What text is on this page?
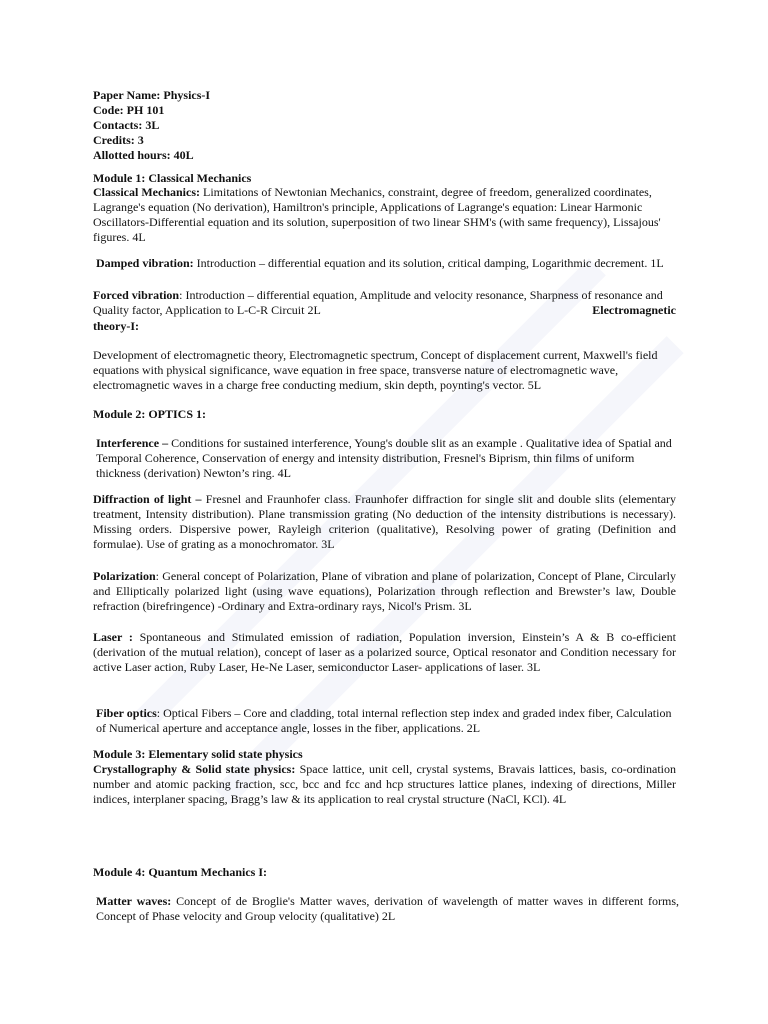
Paper Name: Physics-I
Code: PH 101
Contacts: 3L
Credits: 3
Allotted hours: 40L
Module 1: Classical Mechanics

Classical Mechanics: Limitations of Newtonian Mechanics, constraint, degree of freedom, generalized coordinates, Lagrange's equation (No derivation), Hamiltron's principle, Applications of Lagrange's equation: Linear Harmonic Oscillators-Differential equation and its solution, superposition of two linear SHM's (with same frequency), Lissajous' figures. 4L

Damped vibration: Introduction – differential equation and its solution, critical damping, Logarithmic decrement. 1L

Forced vibration: Introduction – differential equation, Amplitude and velocity resonance, Sharpness of resonance and Quality factor, Application to L-C-R Circuit 2L	Electromagnetic

theory-I:

Development of electromagnetic theory, Electromagnetic spectrum, Concept of displacement current, Maxwell's field equations with physical significance, wave equation in free space, transverse nature of electromagnetic wave, electromagnetic waves in a charge free conducting medium, skin depth, poynting's vector. 5L

Module 2: OPTICS 1:

Interference – Conditions for sustained interference, Young's double slit as an example . Qualitative idea of Spatial and Temporal Coherence, Conservation of energy and intensity distribution, Fresnel's Biprism, thin films of uniform thickness (derivation) Newton’s ring. 4L

Diffraction of light – Fresnel and Fraunhofer class. Fraunhofer diffraction for single slit and double slits (elementary treatment, Intensity distribution). Plane transmission grating (No deduction of the intensity distributions is necessary). Missing orders. Dispersive power, Rayleigh criterion (qualitative), Resolving power of grating (Definition and formulae). Use of grating as a monochromator. 3L

Polarization: General concept of Polarization, Plane of vibration and plane of polarization, Concept of Plane, Circularly and Elliptically polarized light (using wave equations), Polarization through reflection and Brewster’s law, Double refraction (birefringence) -Ordinary and Extra-ordinary rays, Nicol's Prism. 3L

Laser : Spontaneous and Stimulated emission of radiation, Population inversion, Einstein’s A & B co-efficient (derivation of the mutual relation), concept of laser as a polarized source, Optical resonator and Condition necessary for active Laser action, Ruby Laser, He-Ne Laser, semiconductor Laser- applications of laser. 3L

Fiber optics: Optical Fibers – Core and cladding, total internal reflection step index and graded index fiber, Calculation of Numerical aperture and acceptance angle, losses in the fiber, applications. 2L

Module 3: Elementary solid state physics

Crystallography & Solid state physics: Space lattice, unit cell, crystal systems, Bravais lattices, basis, co-ordination number and atomic packing fraction, scc, bcc and fcc and hcp structures lattice planes, indexing of directions, Miller indices, interplaner spacing, Bragg’s law & its application to real crystal structure (NaCl, KCl). 4L

Module 4: Quantum Mechanics I:

Matter waves: Concept of de Broglie's Matter waves, derivation of wavelength of matter waves in different forms, Concept of Phase velocity and Group velocity (qualitative) 2L
